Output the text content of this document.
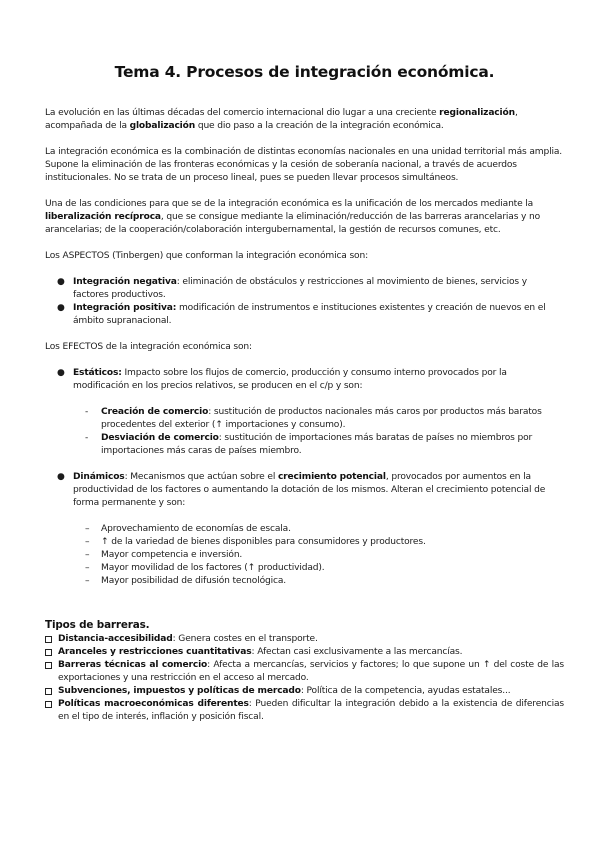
Tema 4. Procesos de integración económica.

La evolución en las últimas décadas del comercio internacional dio lugar a una creciente regionalización, acompañada de la globalización que dio paso a la creación de la integración económica.

La integración económica es la combinación de distintas economías nacionales en una unidad territorial más amplia. Supone la eliminación de las fronteras económicas y la cesión de soberanía nacional, a través de acuerdos institucionales. No se trata de un proceso lineal, pues se pueden llevar procesos simultáneos.

Una de las condiciones para que se de la integración económica es la unificación de los mercados mediante la liberalización recíproca, que se consigue mediante la eliminación/reducción de las barreras arancelarias y no arancelarias; de la cooperación/colaboración intergubernamental, la gestión de recursos comunes, etc.

Los ASPECTOS (Tinbergen) que conforman la integración económica son:

● Integración negativa: eliminación de obstáculos y restricciones al movimiento de bienes, servicios y factores productivos.
● Integración positiva: modificación de instrumentos e instituciones existentes y creación de nuevos en el ámbito supranacional.

Los EFECTOS de la integración económica son:

● Estáticos: Impacto sobre los flujos de comercio, producción y consumo interno provocados por la modificación en los precios relativos, se producen en el c/p y son:
- Creación de comercio: sustitución de productos nacionales más caros por productos más baratos procedentes del exterior (↑ importaciones y consumo).
- Desviación de comercio: sustitución de importaciones más baratas de países no miembros por importaciones más caras de países miembro.
● Dinámicos: Mecanismos que actúan sobre el crecimiento potencial, provocados por aumentos en la productividad de los factores o aumentando la dotación de los mismos. Alteran el crecimiento potencial de forma permanente y son:
– Aprovechamiento de economías de escala.
– ↑ de la variedad de bienes disponibles para consumidores y productores.
– Mayor competencia e inversión.
– Mayor movilidad de los factores (↑ productividad).
– Mayor posibilidad de difusión tecnológica.
Tipos de barreras.
Distancia-accesibilidad: Genera costes en el transporte.
Aranceles y restricciones cuantitativas: Afectan casi exclusivamente a las mercancías.
Barreras técnicas al comercio: Afecta a mercancías, servicios y factores; lo que supone un ↑ del coste de las exportaciones y una restricción en el acceso al mercado.
Subvenciones, impuestos y políticas de mercado: Política de la competencia, ayudas estatales...
Políticas macroeconómicas diferentes: Pueden dificultar la integración debido a la existencia de diferencias en el tipo de interés, inflación y posición fiscal.
